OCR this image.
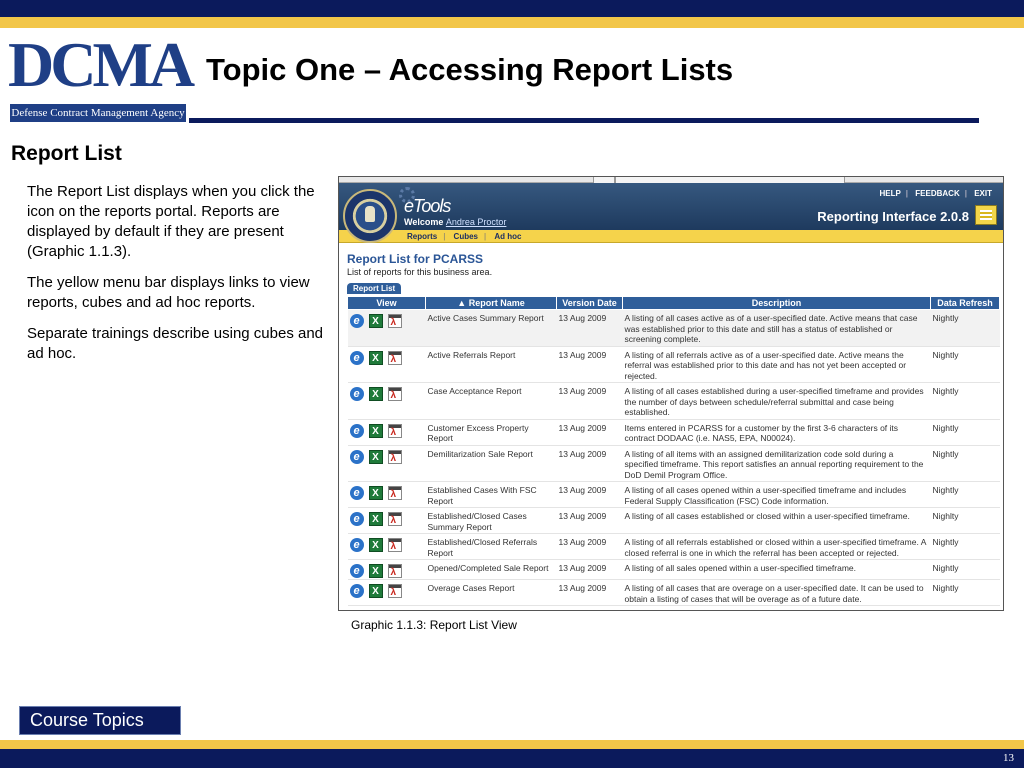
DCMA
Defense Contract Management Agency
Topic One – Accessing Report Lists
Report List

The Report List displays when you click the icon on the reports portal. Reports are displayed by default if they are present (Graphic 1.1.3).

The yellow menu bar displays links to view reports, cubes and ad hoc reports.

Separate trainings describe using cubes and ad hoc.

eTools
Welcome Andrea Proctor
HELP | FEEDBACK | EXIT
Reporting Interface 2.0.8
Reports | Cubes | Ad hoc
Report List for PCARSS
List of reports for this business area.
Report List
View	▲ Report Name	Version Date	Description	Data Refresh
e Xλ	Active Cases Summary Report	13 Aug 2009	A listing of all cases active as of a user-specified date. Active means that case was established prior to this date and still has a status of established or screening complete.	Nightly
e Xλ	Active Referrals Report	13 Aug 2009	A listing of all referrals active as of a user-specified date. Active means the referral was established prior to this date and has not yet been accepted or rejected.	Nightly
e Xλ	Case Acceptance Report	13 Aug 2009	A listing of all cases established during a user-specified timeframe and provides the number of days between schedule/referral submittal and case being established.	Nightly
e Xλ	Customer Excess Property Report	13 Aug 2009	Items entered in PCARSS for a customer by the first 3-6 characters of its contract DODAAC (i.e. NAS5, EPA, N00024).	Nightly
e Xλ	Demilitarization Sale Report	13 Aug 2009	A listing of all items with an assigned demilitarization code sold during a specified timeframe. This report satisfies an annual reporting requirement to the DoD Demil Program Office.	Nightly
e Xλ	Established Cases With FSC Report	13 Aug 2009	A listing of all cases opened within a user-specified timeframe and includes Federal Supply Classification (FSC) Code information.	Nightly
e Xλ	Established/Closed Cases Summary Report	13 Aug 2009	A listing of all cases established or closed within a user-specified timeframe.	Nighlty
e Xλ	Established/Closed Referrals Report	13 Aug 2009	A listing of all referrals established or closed within a user-specified timeframe. A closed referral is one in which the referral has been accepted or rejected.	Nightly
e Xλ	Opened/Completed Sale Report	13 Aug 2009	A listing of all sales opened within a user-specified timeframe.	Nightly
e Xλ	Overage Cases Report	13 Aug 2009	A listing of all cases that are overage on a user-specified date. It can be used to obtain a listing of cases that will be overage as of a future date.	Nightly
Graphic 1.1.3: Report List View
Course Topics
13
